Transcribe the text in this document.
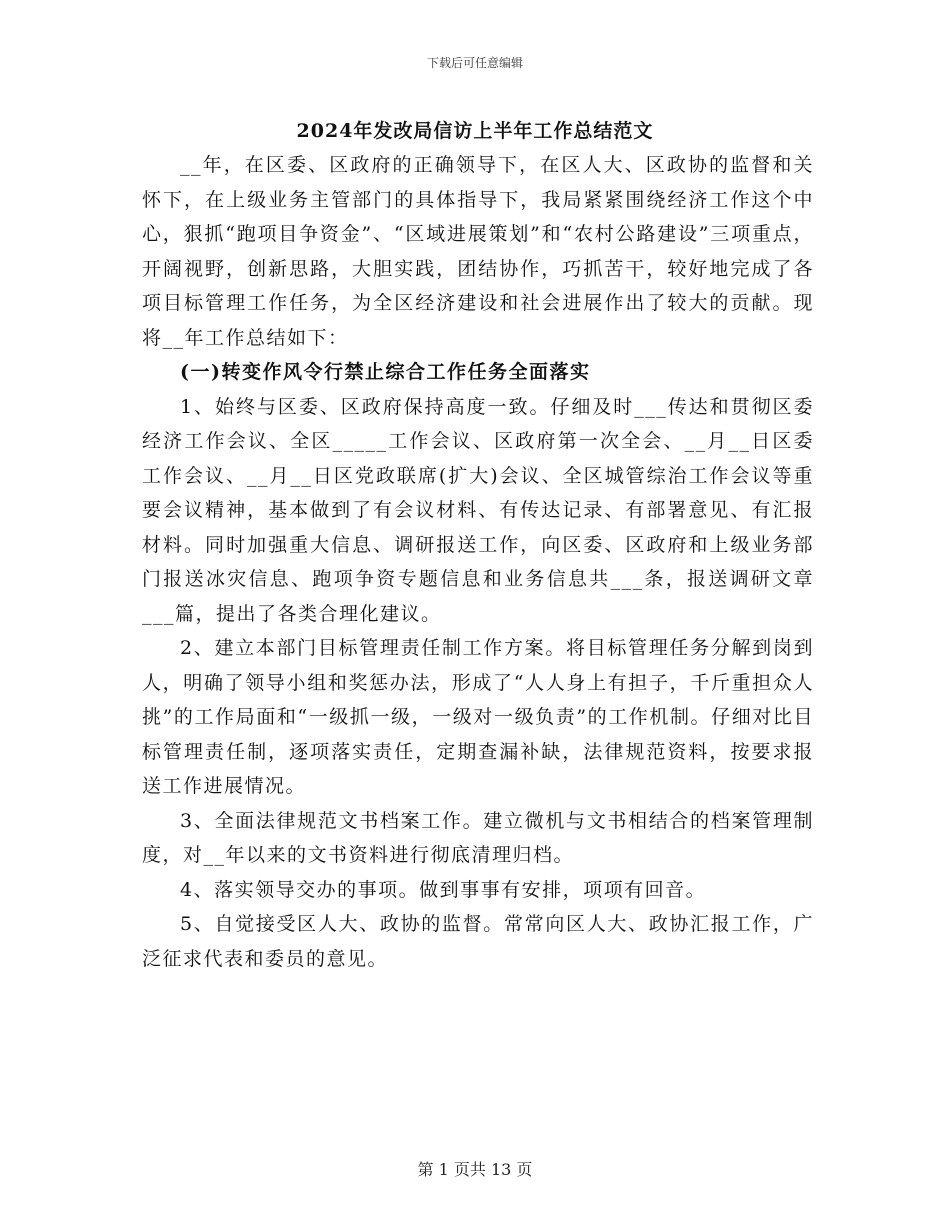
下载后可任意编辑
2024年发改局信访上半年工作总结范文

__年，在区委、区政府的正确领导下，在区人大、区政协的监督和关怀下，在上级业务主管部门的具体指导下，我局紧紧围绕经济工作这个中心，狠抓“跑项目争资金”、“区域进展策划”和“农村公路建设”三项重点，开阔视野，创新思路，大胆实践，团结协作，巧抓苦干，较好地完成了各项目标管理工作任务，为全区经济建设和社会进展作出了较大的贡献。现将__年工作总结如下：

(一)转变作风令行禁止综合工作任务全面落实

1、始终与区委、区政府保持高度一致。仔细及时___传达和贯彻区委经济工作会议、全区_____工作会议、区政府第一次全会、__月__日区委工作会议、__月__日区党政联席(扩大)会议、全区城管综治工作会议等重要会议精神，基本做到了有会议材料、有传达记录、有部署意见、有汇报材料。同时加强重大信息、调研报送工作，向区委、区政府和上级业务部门报送冰灾信息、跑项争资专题信息和业务信息共___条，报送调研文章___篇，提出了各类合理化建议。

2、建立本部门目标管理责任制工作方案。将目标管理任务分解到岗到人，明确了领导小组和奖惩办法，形成了“人人身上有担子，千斤重担众人挑”的工作局面和“一级抓一级，一级对一级负责”的工作机制。仔细对比目标管理责任制，逐项落实责任，定期查漏补缺，法律规范资料，按要求报送工作进展情况。

3、全面法律规范文书档案工作。建立微机与文书相结合的档案管理制度，对__年以来的文书资料进行彻底清理归档。

4、落实领导交办的事项。做到事事有安排，项项有回音。

5、自觉接受区人大、政协的监督。常常向区人大、政协汇报工作，广泛征求代表和委员的意见。

第 1 页共 13 页
